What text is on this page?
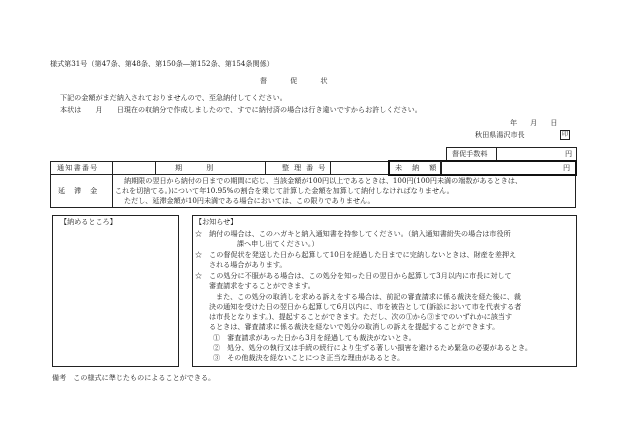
様式第31号（第47条、第48条、第150条―第152条、第154条関係）
督　促　状
下記の金額がまだ納入されておりませんので、至急納付してください。
本状は　　月　　日現在の収納分で作成しましたので、すでに納付済の場合は行き違いですからお許しください。
年　月　日
秋田県湯沢市長	印
督促手数料	円
通知書番号	期別	整理番号	未納額	円
延滞金
納期限の翌日から納付の日までの期間に応じ、当該金額が100円以上であるときは、100円(100円未満の端数があるときは、
これを切捨てる。)について年10.95%の割合を乗じて計算した金額を加算して納付しなければなりません。
ただし、延滞金額が10円未満である場合においては、この限りでありません。
【納めるところ】	【お知らせ】
☆　納付の場合は、このハガキと納入通知書を持参してください。（納入通知書紛失の場合は市役所
課へ申し出てください。）
☆　この督促状を発送した日から起算して10日を経過した日までに完納しないときは、財産を差押え
される場合があります。
☆　この処分に不服がある場合は、この処分を知った日の翌日から起算して3月以内に市長に対して
審査請求をすることができます。
また、この処分の取消しを求める訴えをする場合は、前記の審査請求に係る裁決を経た後に、裁
決の通知を受けた日の翌日から起算して6月以内に、市を被告として(訴訟において市を代表する者
は市長となります。)、提起することができます。ただし、次の①から③までのいずれかに該当す
るときは、審査請求に係る裁決を経ないで処分の取消しの訴えを提起することができます。
①　審査請求があった日から3月を経過しても裁決がないとき。
②　処分、処分の執行又は手続の続行により生ずる著しい損害を避けるため緊急の必要があるとき。
③　その他裁決を経ないことにつき正当な理由があるとき。
備考　この様式に準じたものによることができる。
